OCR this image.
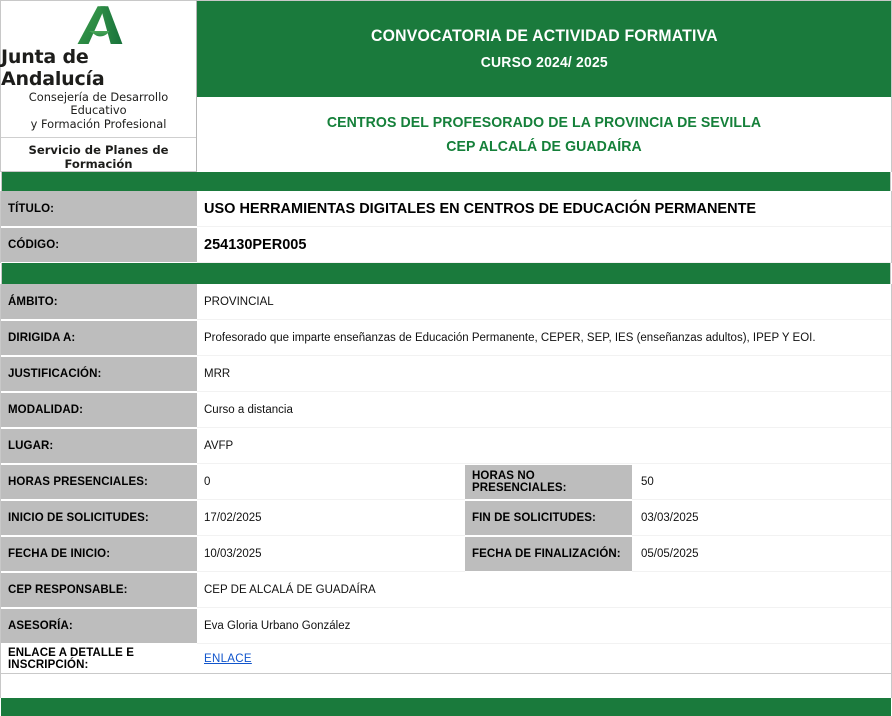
Junta de Andalucía
Consejería de Desarrollo Educativo
y Formación Profesional
Servicio de Planes de Formación
CONVOCATORIA DE ACTIVIDAD FORMATIVA
CURSO 2024/ 2025
CENTROS DEL PROFESORADO DE LA PROVINCIA DE SEVILLA
CEP ALCALÁ DE GUADAÍRA
TÍTULO:	USO HERRAMIENTAS DIGITALES EN CENTROS DE EDUCACIÓN PERMANENTE
CÓDIGO:	254130PER005
ÁMBITO:	PROVINCIAL
DIRIGIDA A:	Profesorado que imparte enseñanzas de Educación Permanente, CEPER, SEP, IES (enseñanzas adultos), IPEP Y EOI.
JUSTIFICACIÓN:	MRR
MODALIDAD:	Curso a distancia
LUGAR:	AVFP
HORAS PRESENCIALES:	0	HORAS NO PRESENCIALES:	50
INICIO DE SOLICITUDES:	17/02/2025	FIN DE SOLICITUDES:	03/03/2025
FECHA DE INICIO:	10/03/2025	FECHA DE FINALIZACIÓN:	05/05/2025
CEP RESPONSABLE:	CEP DE ALCALÁ DE GUADAÍRA
ASESORÍA:	Eva Gloria Urbano González
ENLACE A DETALLE E INSCRIPCIÓN:	ENLACE
